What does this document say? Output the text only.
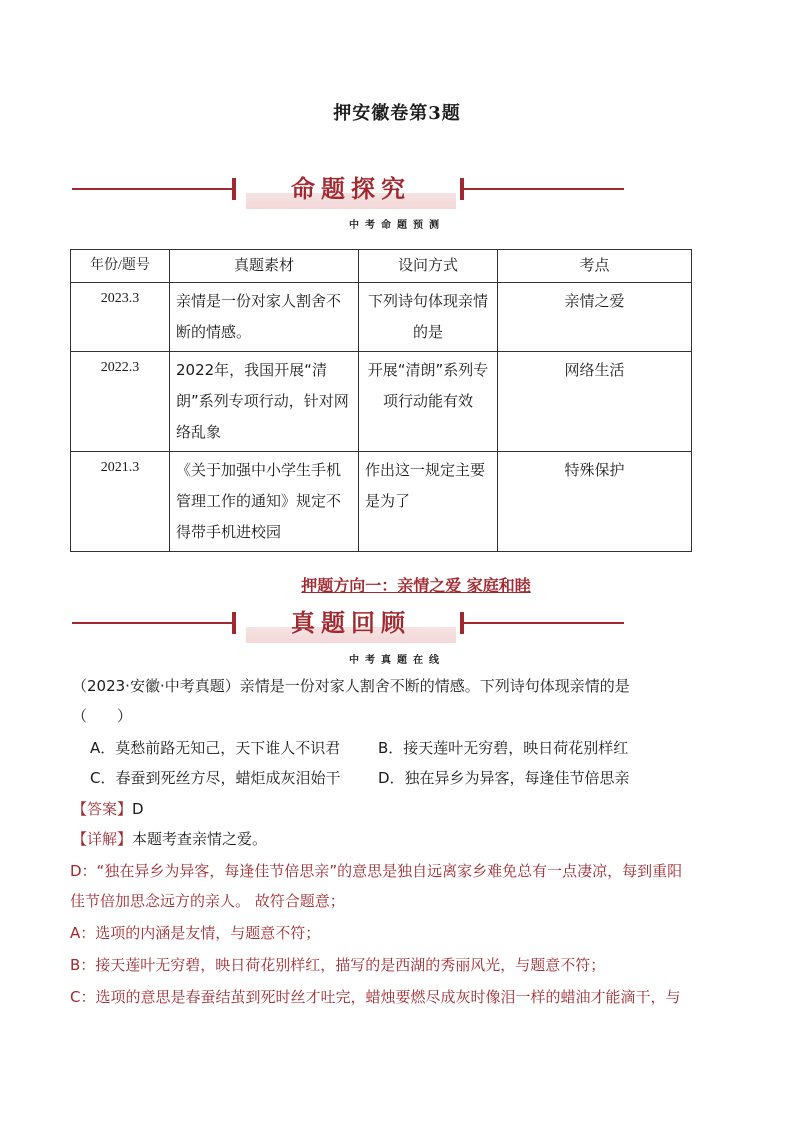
押安徽卷第3题
命题探究
中考命题预测
年份/题号	真题素材	设问方式	考点
2023.3	亲情是一份对家人割舍不断的情感。	下列诗句体现亲情的是	亲情之爱
2022.3	2022年，我国开展“清朗”系列专项行动，针对网络乱象	开展“清朗”系列专项行动能有效	网络生活
2021.3	《关于加强中小学生手机管理工作的通知》规定不得带手机进校园	作出这一规定主要是为了	特殊保护
押题方向一：亲情之爱 家庭和睦
真题回顾
中考真题在线
（2023·安徽·中考真题）亲情是一份对家人割舍不断的情感。下列诗句体现亲情的是
（　　）
A．莫愁前路无知己，天下谁人不识君	B．接天莲叶无穷碧，映日荷花别样红
C．春蚕到死丝方尽，蜡炬成灰泪始干	D．独在异乡为异客，每逢佳节倍思亲
【答案】D
【详解】本题考查亲情之爱。
D：“独在异乡为异客，每逢佳节倍思亲”的意思是独自远离家乡难免总有一点凄凉，每到重阳
佳节倍加思念远方的亲人。 故符合题意；
A：选项的内涵是友情，与题意不符；
B：接天莲叶无穷碧，映日荷花别样红，描写的是西湖的秀丽风光，与题意不符；
C：选项的意思是春蚕结茧到死时丝才吐完，蜡烛要燃尽成灰时像泪一样的蜡油才能滴干，与
